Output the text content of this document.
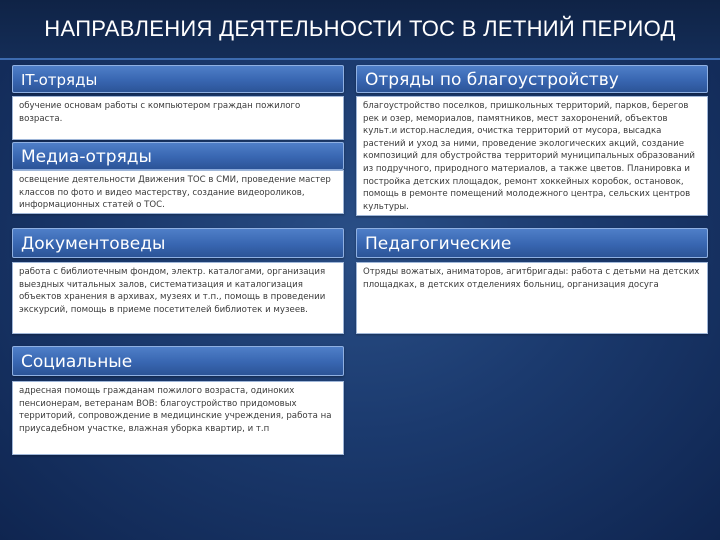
НАПРАВЛЕНИЯ ДЕЯТЕЛЬНОСТИ ТОС В ЛЕТНИЙ ПЕРИОД
IT-отряды
обучение основам работы с компьютером граждан пожилого возраста.
Медиа-отряды
освещение деятельности Движения ТОС в СМИ, проведение мастер классов по фото и видео мастерству, создание видеороликов, информационных статей о ТОС.
Документоведы
работа с библиотечным фондом, электр. каталогами, организация выездных читальных залов, систематизация и каталогизация объектов хранения в архивах, музеях и т.п., помощь в проведении экскурсий, помощь в приеме посетителей библиотек и музеев.
Социальные
адресная помощь гражданам пожилого возраста, одиноких пенсионерам, ветеранам ВОВ: благоустройство придомовых территорий, сопровождение в медицинские учреждения, работа на приусадебном участке, влажная уборка квартир, и т.п
Отряды по благоустройству
благоустройство поселков, пришкольных территорий, парков, берегов рек и озер, мемориалов, памятников, мест захоронений, объектов культ.и истор.наследия, очистка территорий от мусора, высадка растений и уход за ними, проведение экологических акций, создание композиций для обустройства территорий муниципальных образований из подручного, природного материалов, а также цветов. Планировка и постройка детских площадок, ремонт хоккейных коробок, остановок, помощь в ремонте помещений молодежного центра, сельских центров культуры.
Педагогические
Отряды вожатых, аниматоров, агитбригады: работа с детьми на детских площадках, в детских отделениях больниц, организация досуга
